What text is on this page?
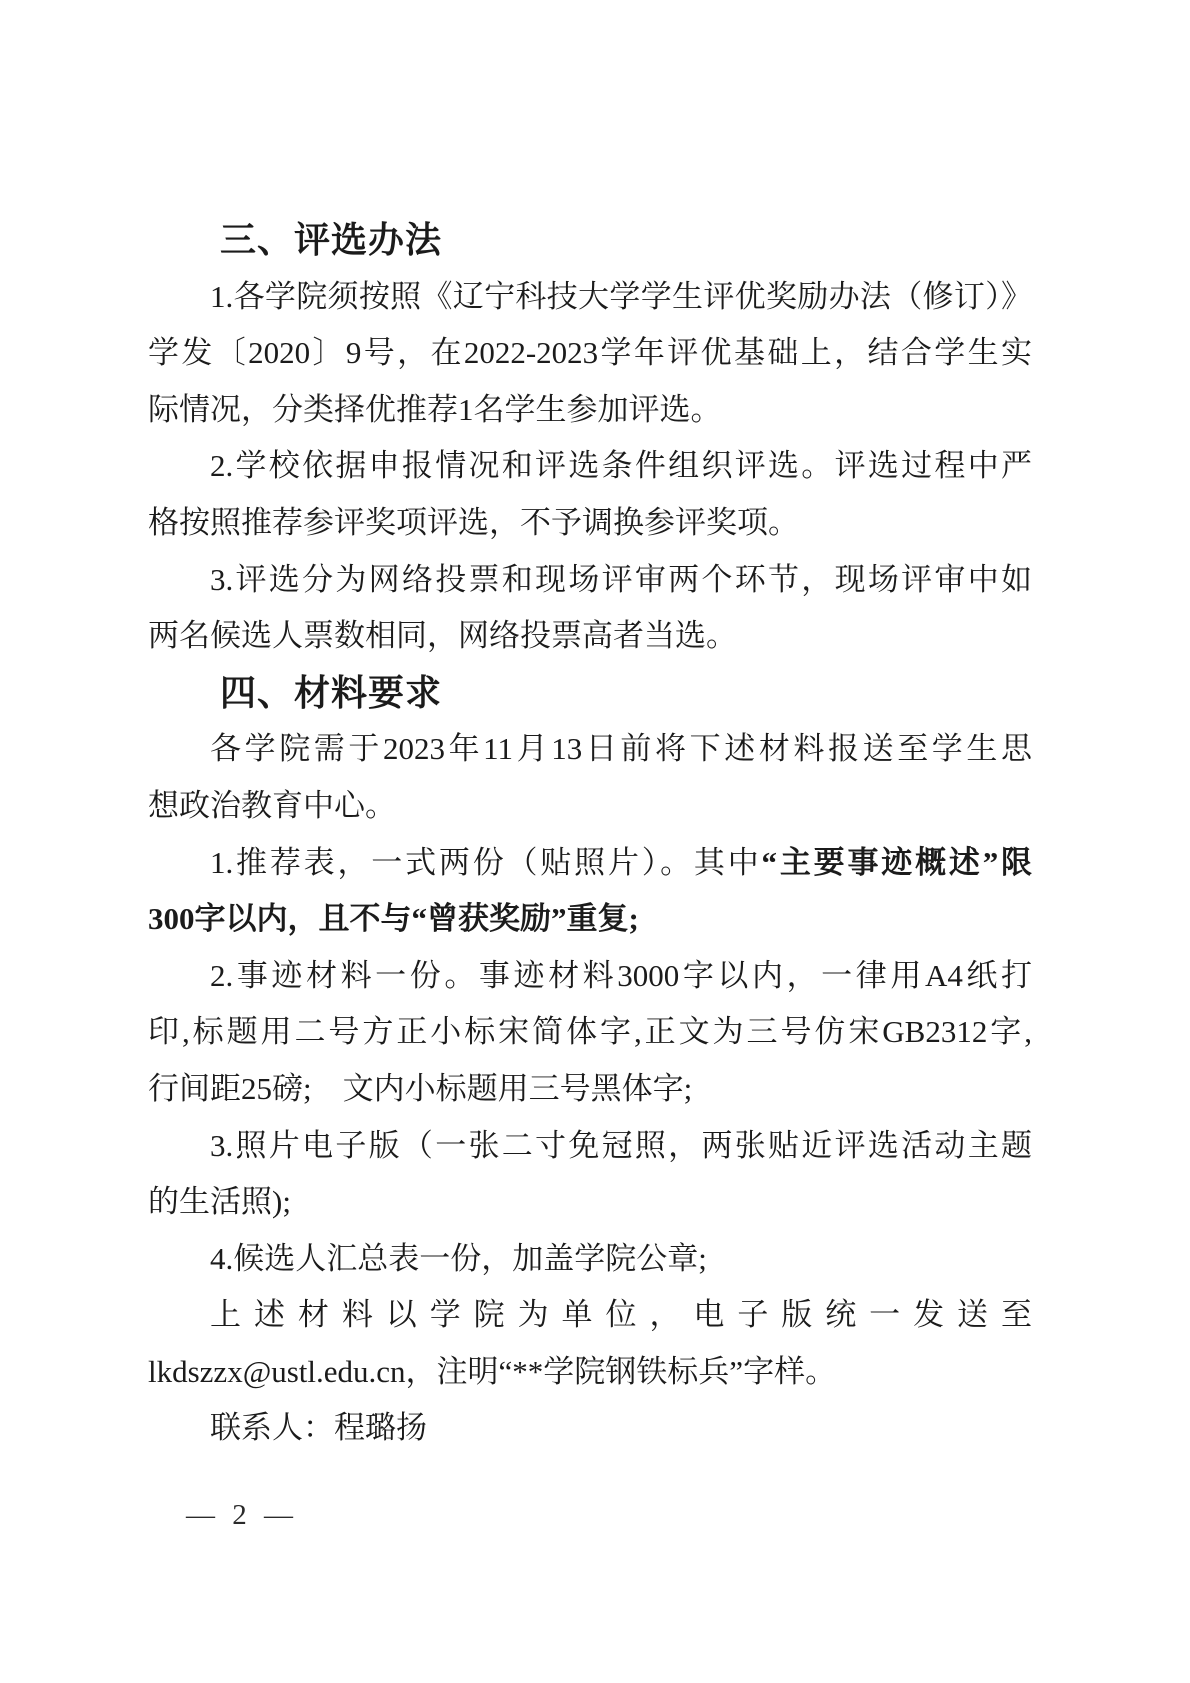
三、评选办法
1.各学院须按照《辽宁科技大学学生评优奖励办法（修订）》
学发〔2020〕9号，在2022-2023学年评优基础上，结合学生实
际情况，分类择优推荐1名学生参加评选。
2.学校依据申报情况和评选条件组织评选。评选过程中严
格按照推荐参评奖项评选，不予调换参评奖项。
3.评选分为网络投票和现场评审两个环节，现场评审中如
两名候选人票数相同，网络投票高者当选。
四、材料要求
各学院需于2023年11月13日前将下述材料报送至学生思
想政治教育中心。
1.推荐表，一式两份（贴照片）。其中“主要事迹概述”限
300字以内，且不与“曾获奖励”重复;
2.事迹材料一份。事迹材料3000字以内，一律用A4纸打
印,标题用二号方正小标宋简体字,正文为三号仿宋GB2312字,
行间距25磅;　文内小标题用三号黑体字;
3.照片电子版（一张二寸免冠照，两张贴近评选活动主题
的生活照);
4.候选人汇总表一份，加盖学院公章;
上述材料以学院为单位，电子版统一发送至
lkdszzx@ustl.edu.cn，注明“**学院钢铁标兵”字样。
联系人：程璐扬
— 2 —
